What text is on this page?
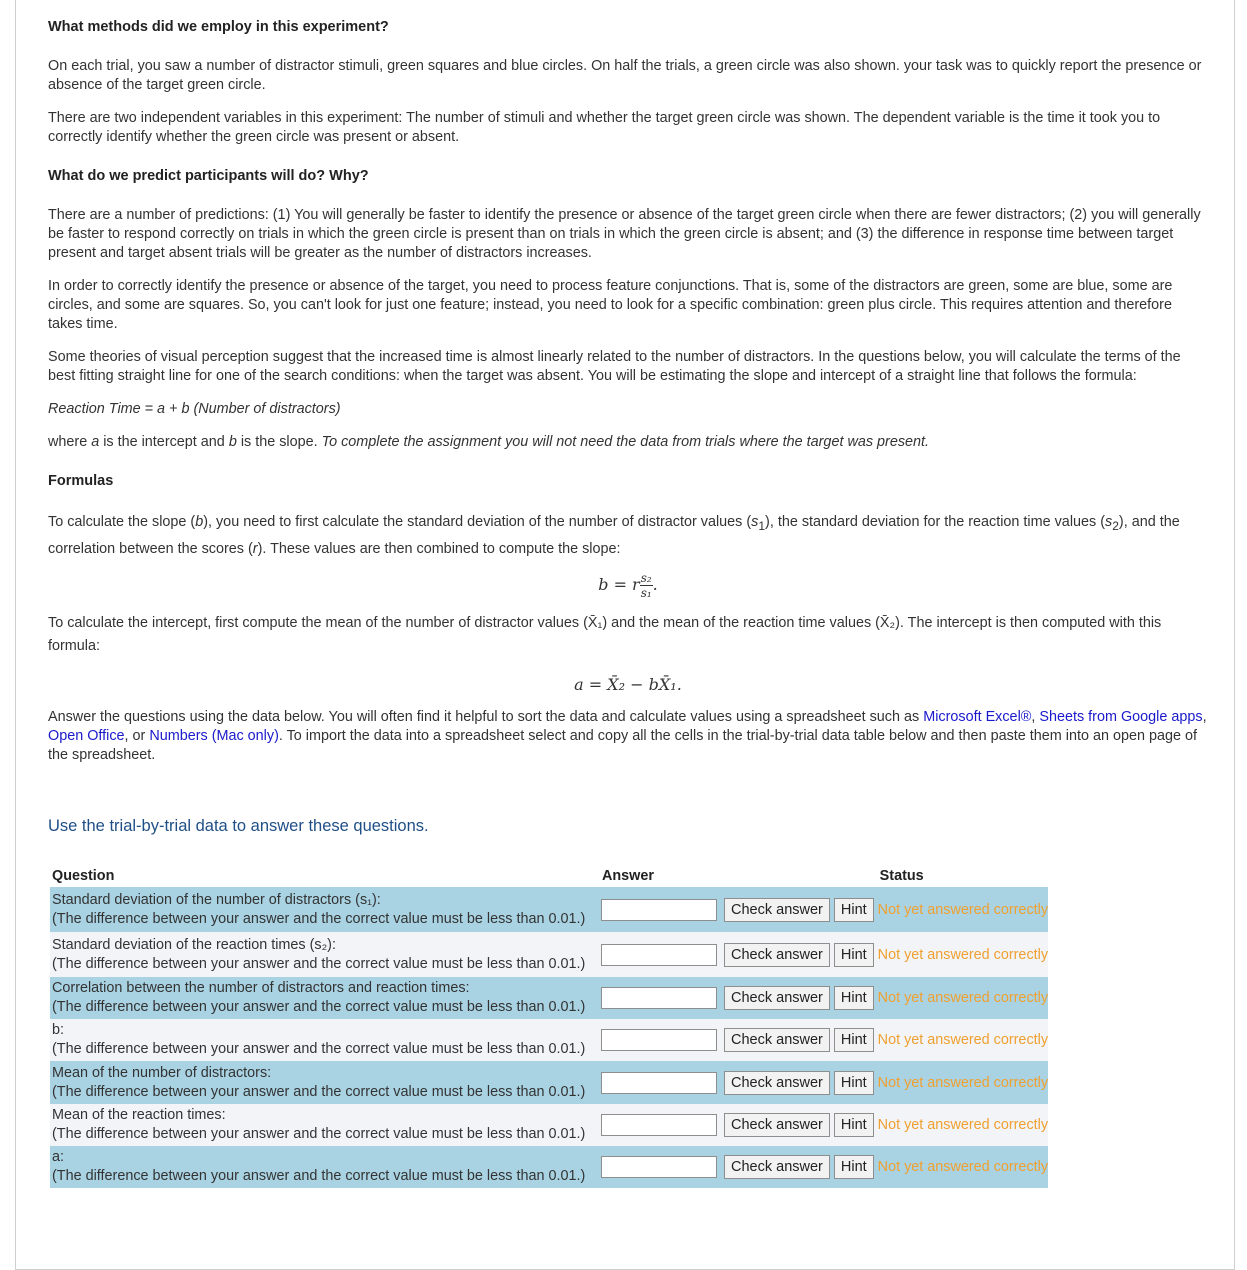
What methods did we employ in this experiment?

On each trial, you saw a number of distractor stimuli, green squares and blue circles. On half the trials, a green circle was also shown. your task was to quickly report the presence or absence of the target green circle.

There are two independent variables in this experiment: The number of stimuli and whether the target green circle was shown. The dependent variable is the time it took you to correctly identify whether the green circle was present or absent.

What do we predict participants will do? Why?

There are a number of predictions: (1) You will generally be faster to identify the presence or absence of the target green circle when there are fewer distractors; (2) you will generally be faster to respond correctly on trials in which the green circle is present than on trials in which the green circle is absent; and (3) the difference in response time between target present and target absent trials will be greater as the number of distractors increases.

In order to correctly identify the presence or absence of the target, you need to process feature conjunctions. That is, some of the distractors are green, some are blue, some are circles, and some are squares. So, you can't look for just one feature; instead, you need to look for a specific combination: green plus circle. This requires attention and therefore takes time.

Some theories of visual perception suggest that the increased time is almost linearly related to the number of distractors. In the questions below, you will calculate the terms of the best fitting straight line for one of the search conditions: when the target was absent. You will be estimating the slope and intercept of a straight line that follows the formula:

Reaction Time = a + b (Number of distractors)

where a is the intercept and b is the slope. To complete the assignment you will not need the data from trials where the target was present.

Formulas

To calculate the slope (b), you need to first calculate the standard deviation of the number of distractor values $(s_1)$, the standard deviation for the reaction time values $(s_2)$, and the correlation between the scores (r). These values are then combined to compute the slope:

b = r $\frac{\text{s₂}}{\text{s₁}}$ .

To calculate the intercept, first compute the mean of the number of distractor values (X̄₁) and the mean of the reaction time values (X̄₂). The intercept is then computed with this formula:

a = X̄₂ − bX̄₁.

Answer the questions using the data below. You will often find it helpful to sort the data and calculate values using a spreadsheet such as Microsoft Excel®, Sheets from Google apps, Open Office, or Numbers (Mac only). To import the data into a spreadsheet select and copy all the cells in the trial-by-trial data table below and then paste them into an open page of the spreadsheet.

Use the trial-by-trial data to answer these questions.
Question	Answer			Status
Standard deviation of the number of distractors (s₁):
(The difference between your answer and the correct value must be less than 0.01.)		Check answer	Hint	Not yet answered correctly
Standard deviation of the reaction times (s₂):
(The difference between your answer and the correct value must be less than 0.01.)		Check answer	Hint	Not yet answered correctly
Correlation between the number of distractors and reaction times:
(The difference between your answer and the correct value must be less than 0.01.)		Check answer	Hint	Not yet answered correctly
b:
(The difference between your answer and the correct value must be less than 0.01.)		Check answer	Hint	Not yet answered correctly
Mean of the number of distractors:
(The difference between your answer and the correct value must be less than 0.01.)		Check answer	Hint	Not yet answered correctly
Mean of the reaction times:
(The difference between your answer and the correct value must be less than 0.01.)		Check answer	Hint	Not yet answered correctly
a:
(The difference between your answer and the correct value must be less than 0.01.)		Check answer	Hint	Not yet answered correctly
